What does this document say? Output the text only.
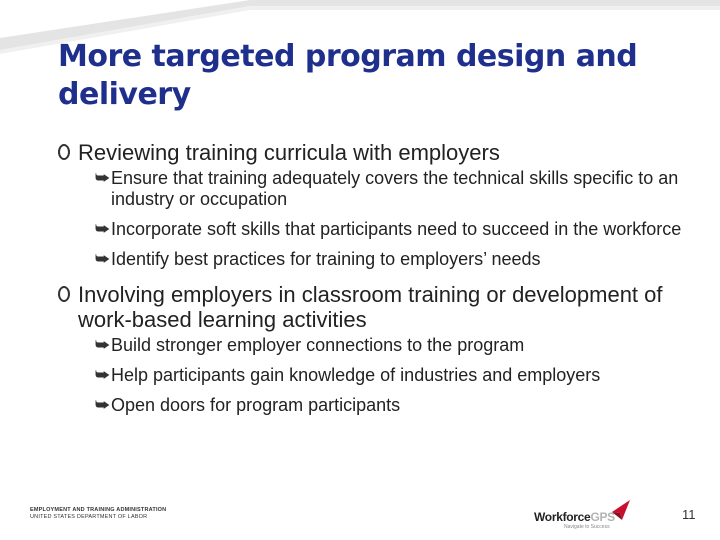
More targeted program design and delivery
Reviewing training curricula with employers
⮩ Ensure that training adequately covers the technical skills specific to an industry or occupation
⮩ Incorporate soft skills that participants need to succeed in the workforce
⮩ Identify best practices for training to employers’ needs
Involving employers in classroom training or development of work-based learning activities
⮩ Build stronger employer connections to the program
⮩ Help participants gain knowledge of industries and employers
⮩ Open doors for program participants
EMPLOYMENT AND TRAINING ADMINISTRATION
UNITED STATES DEPARTMENT OF LABOR	WorkforceGPS
Navigate to Success
11
